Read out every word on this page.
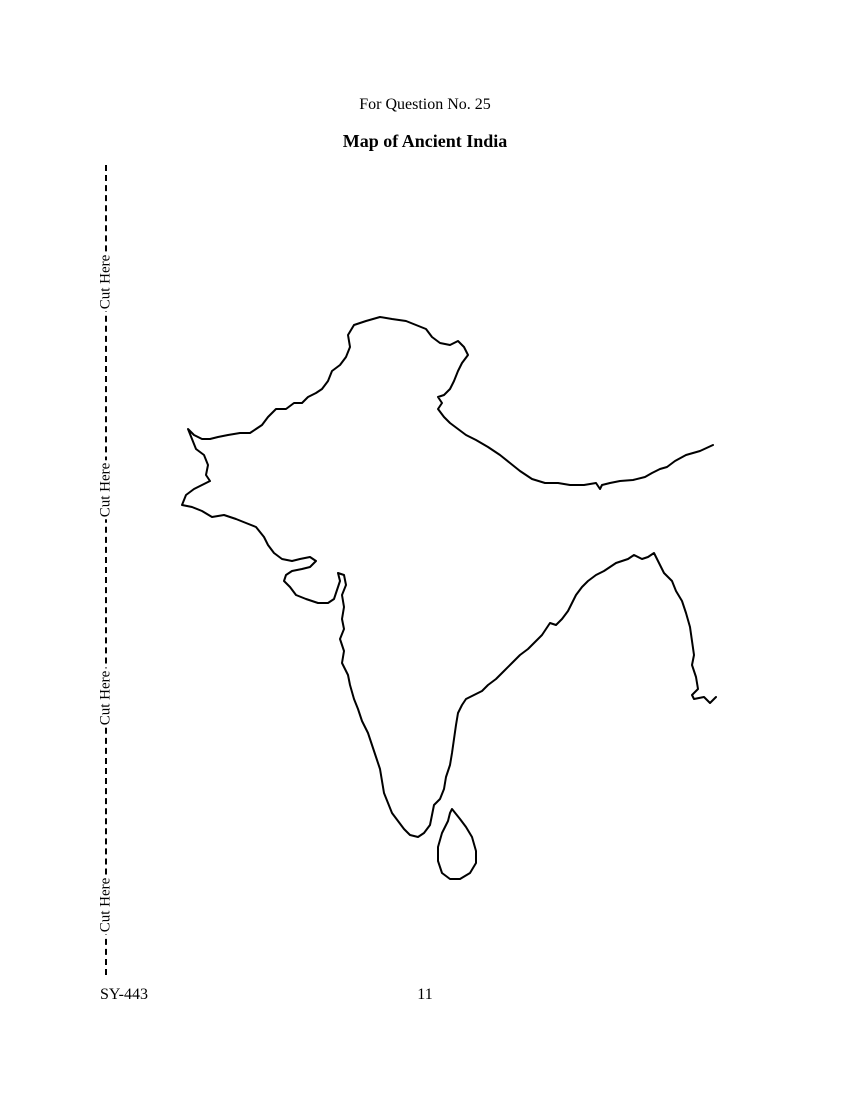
For Question No. 25
Map of Ancient India
Cut Here
Cut Here
Cut Here
Cut Here
SY-443	11
